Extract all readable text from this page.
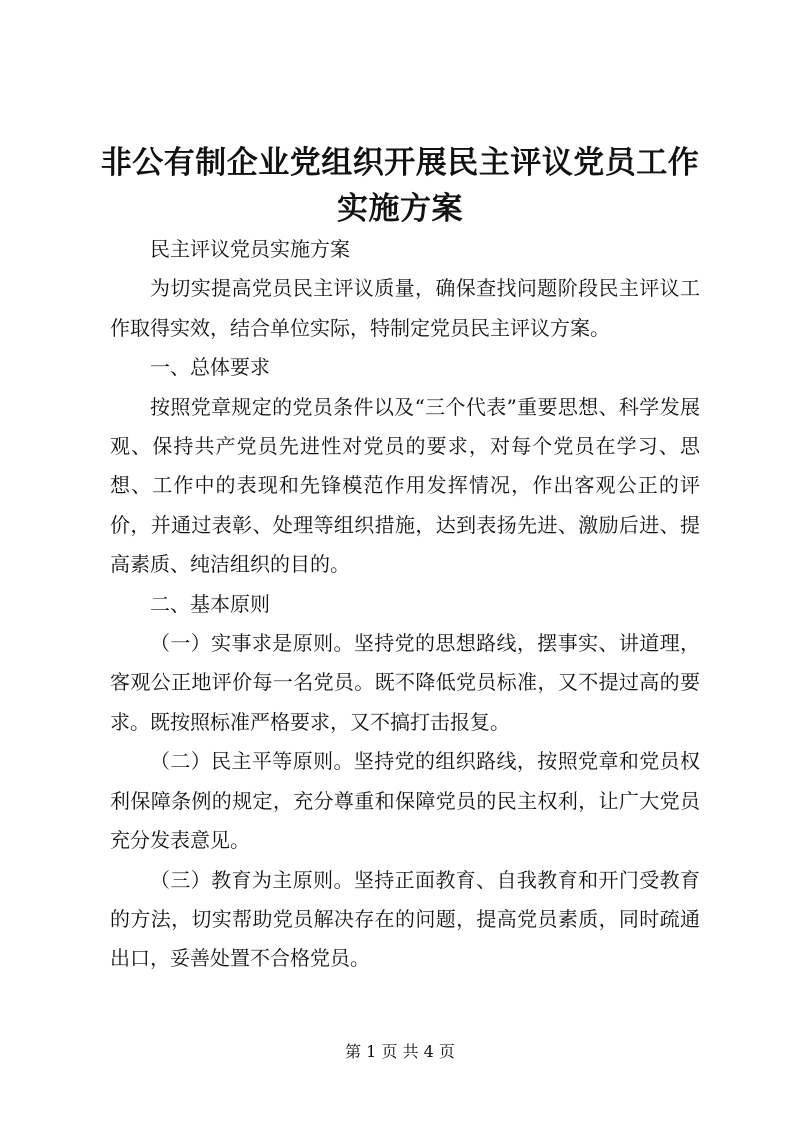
非公有制企业党组织开展民主评议党员工作实施方案

民主评议党员实施方案

为切实提高党员民主评议质量，确保查找问题阶段民主评议工作取得实效，结合单位实际，特制定党员民主评议方案。

一、总体要求

按照党章规定的党员条件以及“三个代表”重要思想、科学发展观、保持共产党员先进性对党员的要求，对每个党员在学习、思想、工作中的表现和先锋模范作用发挥情况，作出客观公正的评价，并通过表彰、处理等组织措施，达到表扬先进、激励后进、提高素质、纯洁组织的目的。

二、基本原则

（一）实事求是原则。坚持党的思想路线，摆事实、讲道理，客观公正地评价每一名党员。既不降低党员标准，又不提过高的要求。既按照标准严格要求，又不搞打击报复。

（二）民主平等原则。坚持党的组织路线，按照党章和党员权利保障条例的规定，充分尊重和保障党员的民主权利，让广大党员充分发表意见。

（三）教育为主原则。坚持正面教育、自我教育和开门受教育的方法，切实帮助党员解决存在的问题，提高党员素质，同时疏通出口，妥善处置不合格党员。

第 1 页 共 4 页
